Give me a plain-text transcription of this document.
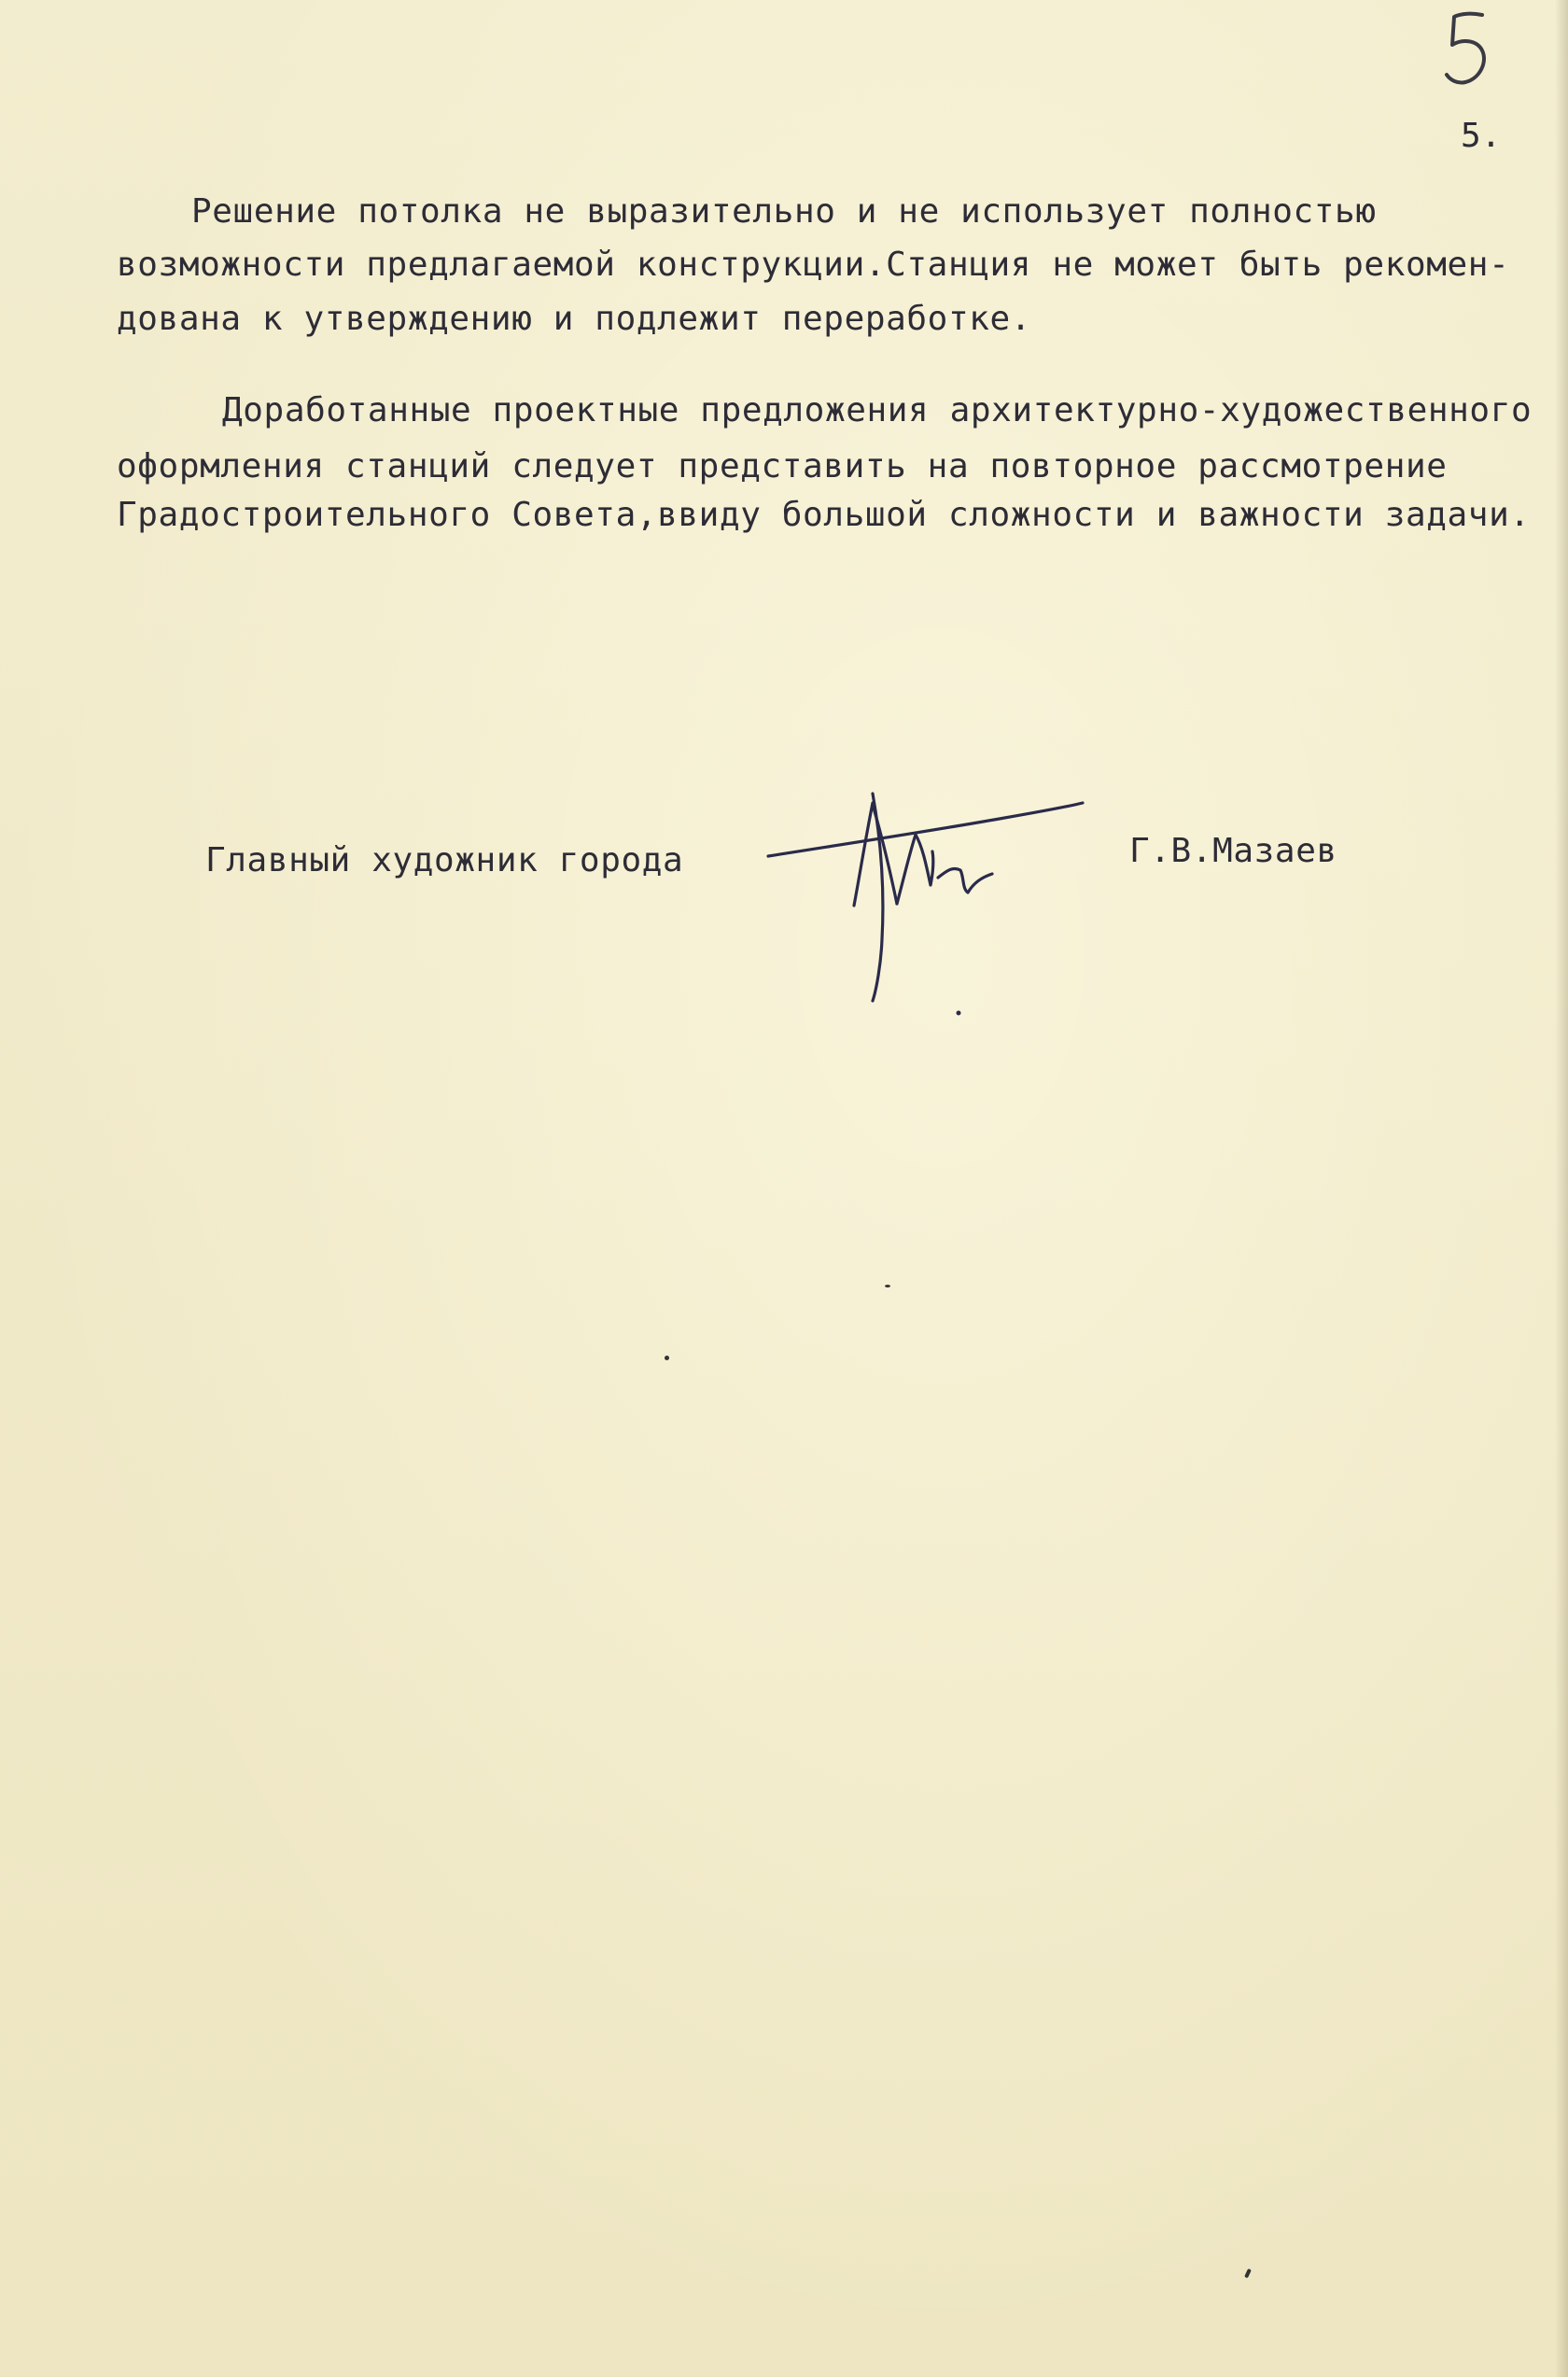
5.
Решение потолка не выразительно и не использует полностью
возможности предлагаемой конструкции.Станция не может быть рекомен-
дована к утверждению и подлежит переработке.
Доработанные проектные предложения архитектурно-художественного
оформления станций следует представить на повторное рассмотрение
Градостроительного Совета,ввиду большой сложности и важности задачи.
Главный художник города	Г.В.Мазаев
